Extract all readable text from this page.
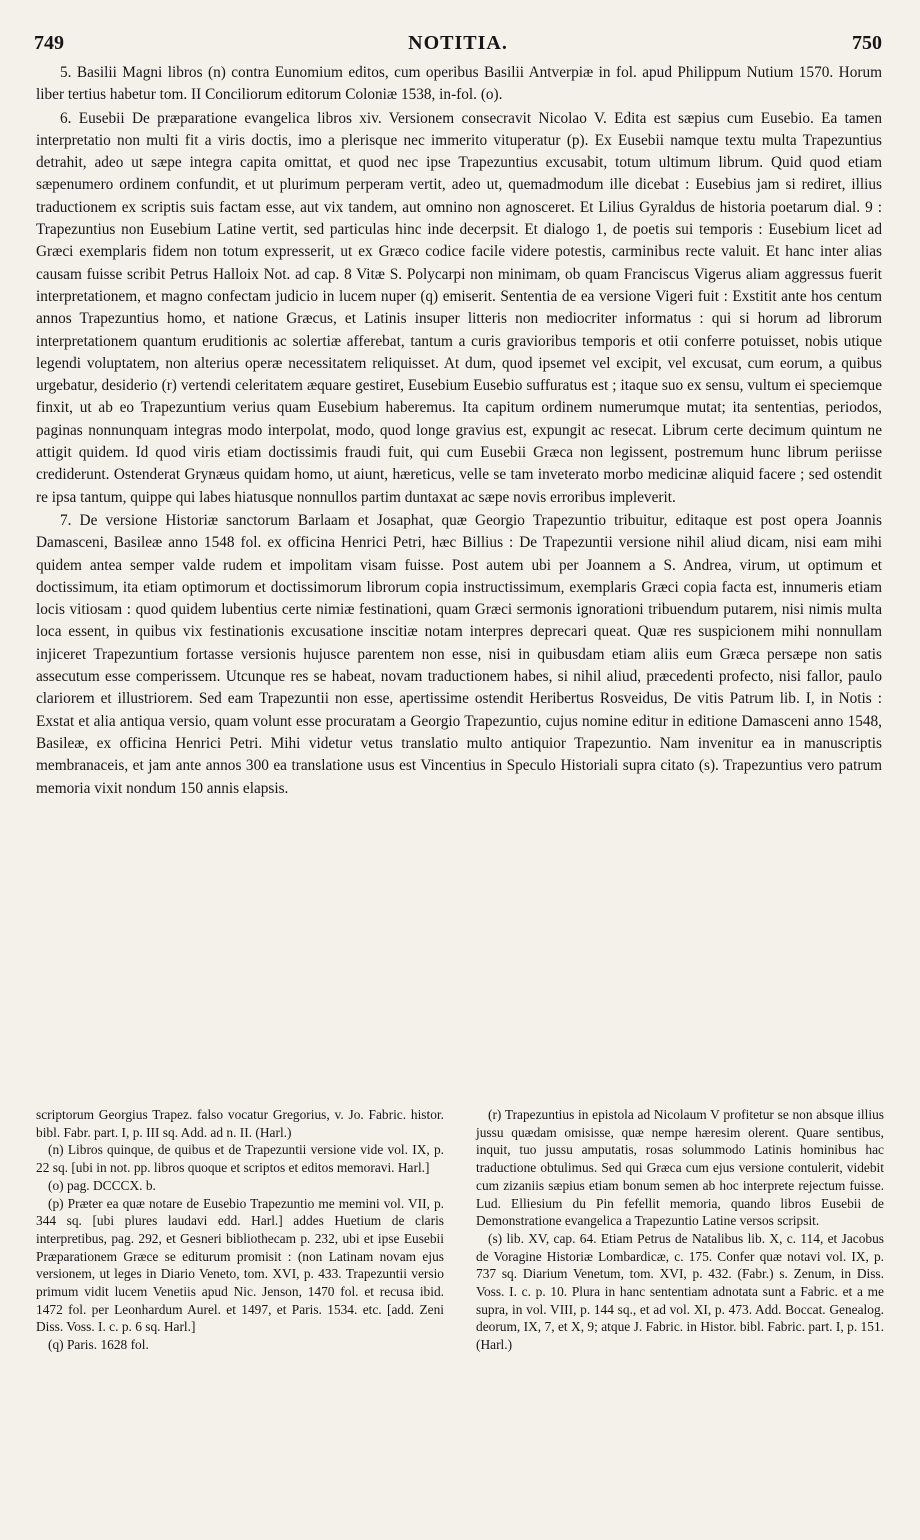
749	NOTITIA.	750

5. Basilii Magni libros (n) contra Eunomium editos, cum operibus Basilii Antverpiæ in fol. apud Philippum Nutium 1570. Horum liber tertius habetur tom. II Conciliorum editorum Coloniæ 1538, in-fol. (o).

6. Eusebii De præparatione evangelica libros xiv. Versionem consecravit Nicolao V. Edita est sæpius cum Eusebio. Ea tamen interpretatio non multi fit a viris doctis, imo a plerisque nec immerito vituperatur (p). Ex Eusebii namque textu multa Trapezuntius detrahit, adeo ut sæpe integra capita omittat, et quod nec ipse Trapezuntius excusabit, totum ultimum librum. Quid quod etiam sæpenumero ordinem confundit, et ut plurimum perperam vertit, adeo ut, quemadmodum ille dicebat : Eusebius jam si rediret, illius traductionem ex scriptis suis factam esse, aut vix tandem, aut omnino non agnosceret. Et Lilius Gyraldus de historia poetarum dial. 9 : Trapezuntius non Eusebium Latine vertit, sed particulas hinc inde decerpsit. Et dialogo 1, de poetis sui temporis : Eusebium licet ad Græci exemplaris fidem non totum expresserit, ut ex Græco codice facile videre potestis, carminibus recte valuit. Et hanc inter alias causam fuisse scribit Petrus Halloix Not. ad cap. 8 Vitæ S. Polycarpi non minimam, ob quam Franciscus Vigerus aliam aggressus fuerit interpretationem, et magno confectam judicio in lucem nuper (q) emiserit. Sententia de ea versione Vigeri fuit : Exstitit ante hos centum annos Trapezuntius homo, et natione Græcus, et Latinis insuper litteris non mediocriter informatus : qui si horum ad librorum interpretationem quantum eruditionis ac solertiæ afferebat, tantum a curis gravioribus temporis et otii conferre potuisset, nobis utique legendi voluptatem, non alterius operæ necessitatem reliquisset. At dum, quod ipsemet vel excipit, vel excusat, cum eorum, a quibus urgebatur, desiderio (r) vertendi celeritatem æquare gestiret, Eusebium Eusebio suffuratus est ; itaque suo ex sensu, vultum ei speciemque finxit, ut ab eo Trapezuntium verius quam Eusebium haberemus. Ita capitum ordinem numerumque mutat; ita sententias, periodos, paginas nonnunquam integras modo interpolat, modo, quod longe gravius est, expungit ac resecat. Librum certe decimum quintum ne attigit quidem. Id quod viris etiam doctissimis fraudi fuit, qui cum Eusebii Græca non legissent, postremum hunc librum periisse crediderunt. Ostenderat Grynæus quidam homo, ut aiunt, hæreticus, velle se tam inveterato morbo medicinæ aliquid facere ; sed ostendit re ipsa tantum, quippe qui labes hiatusque nonnullos partim duntaxat ac sæpe novis erroribus impleverit.

7. De versione Historiæ sanctorum Barlaam et Josaphat, quæ Georgio Trapezuntio tribuitur, editaque est post opera Joannis Damasceni, Basileæ anno 1548 fol. ex officina Henrici Petri, hæc Billius : De Trapezuntii versione nihil aliud dicam, nisi eam mihi quidem antea semper valde rudem et impolitam visam fuisse. Post autem ubi per Joannem a S. Andrea, virum, ut optimum et doctissimum, ita etiam optimorum et doctissimorum librorum copia instructissimum, exemplaris Græci copia facta est, innumeris etiam locis vitiosam : quod quidem lubentius certe nimiæ festinationi, quam Græci sermonis ignorationi tribuendum putarem, nisi nimis multa loca essent, in quibus vix festinationis excusatione inscitiæ notam interpres deprecari queat. Quæ res suspicionem mihi nonnullam injiceret Trapezuntium fortasse versionis hujusce parentem non esse, nisi in quibusdam etiam aliis eum Græca persæpe non satis assecutum esse comperissem. Utcunque res se habeat, novam traductionem habes, si nihil aliud, præcedenti profecto, nisi fallor, paulo clariorem et illustriorem. Sed eam Trapezuntii non esse, apertissime ostendit Heribertus Rosveidus, De vitis Patrum lib. I, in Notis : Exstat et alia antiqua versio, quam volunt esse procuratam a Georgio Trapezuntio, cujus nomine editur in editione Damasceni anno 1548, Basileæ, ex officina Henrici Petri. Mihi videtur vetus translatio multo antiquior Trapezuntio. Nam invenitur ea in manuscriptis membranaceis, et jam ante annos 300 ea translatione usus est Vincentius in Speculo Historiali supra citato (s). Trapezuntius vero patrum memoria vixit nondum 150 annis elapsis.

scriptorum Georgius Trapez. falso vocatur Gregorius, v. Jo. Fabric. histor. bibl. Fabr. part. I, p. III sq. Add. ad n. II. (Harl.)

(n) Libros quinque, de quibus et de Trapezuntii versione vide vol. IX, p. 22 sq. [ubi in not. pp. libros quoque et scriptos et editos memoravi. Harl.]

(o) pag. DCCCX. b.

(p) Præter ea quæ notare de Eusebio Trapezuntio me memini vol. VII, p. 344 sq. [ubi plures laudavi edd. Harl.] addes Huetium de claris interpretibus, pag. 292, et Gesneri bibliothecam p. 232, ubi et ipse Eusebii Præparationem Græce se editurum promisit : (non Latinam novam ejus versionem, ut leges in Diario Veneto, tom. XVI, p. 433. Trapezuntii versio primum vidit lucem Venetiis apud Nic. Jenson, 1470 fol. et recusa ibid. 1472 fol. per Leonhardum Aurel. et 1497, et Paris. 1534. etc. [add. Zeni Diss. Voss. I. c. p. 6 sq. Harl.]

(q) Paris. 1628 fol.

(r) Trapezuntius in epistola ad Nicolaum V profitetur se non absque illius jussu quædam omisisse, quæ nempe hæresim olerent. Quare sentibus, inquit, tuo jussu amputatis, rosas solummodo Latinis hominibus hac traductione obtulimus. Sed qui Græca cum ejus versione contulerit, videbit cum zizaniis sæpius etiam bonum semen ab hoc interprete rejectum fuisse. Lud. Elliesium du Pin fefellit memoria, quando libros Eusebii de Demonstratione evangelica a Trapezuntio Latine versos scripsit.

(s) lib. XV, cap. 64. Etiam Petrus de Natalibus lib. X, c. 114, et Jacobus de Voragine Historiæ Lombardicæ, c. 175. Confer quæ notavi vol. IX, p. 737 sq. Diarium Venetum, tom. XVI, p. 432. (Fabr.) s. Zenum, in Diss. Voss. I. c. p. 10. Plura in hanc sententiam adnotata sunt a Fabric. et a me supra, in vol. VIII, p. 144 sq., et ad vol. XI, p. 473. Add. Boccat. Genealog. deorum, IX, 7, et X, 9; atque J. Fabric. in Histor. bibl. Fabric. part. I, p. 151. (Harl.)
